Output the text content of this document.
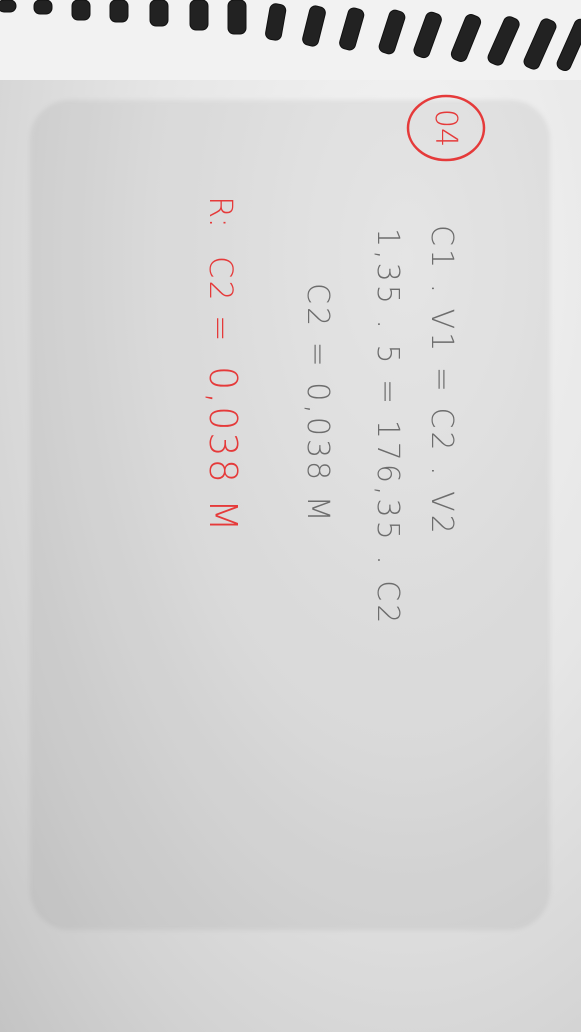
04
C1 . V1 = C2 . V2
1,35 . 5 = 176,35 . C2
C2 = 0,038 M
R:
C2 =
0,038 M
